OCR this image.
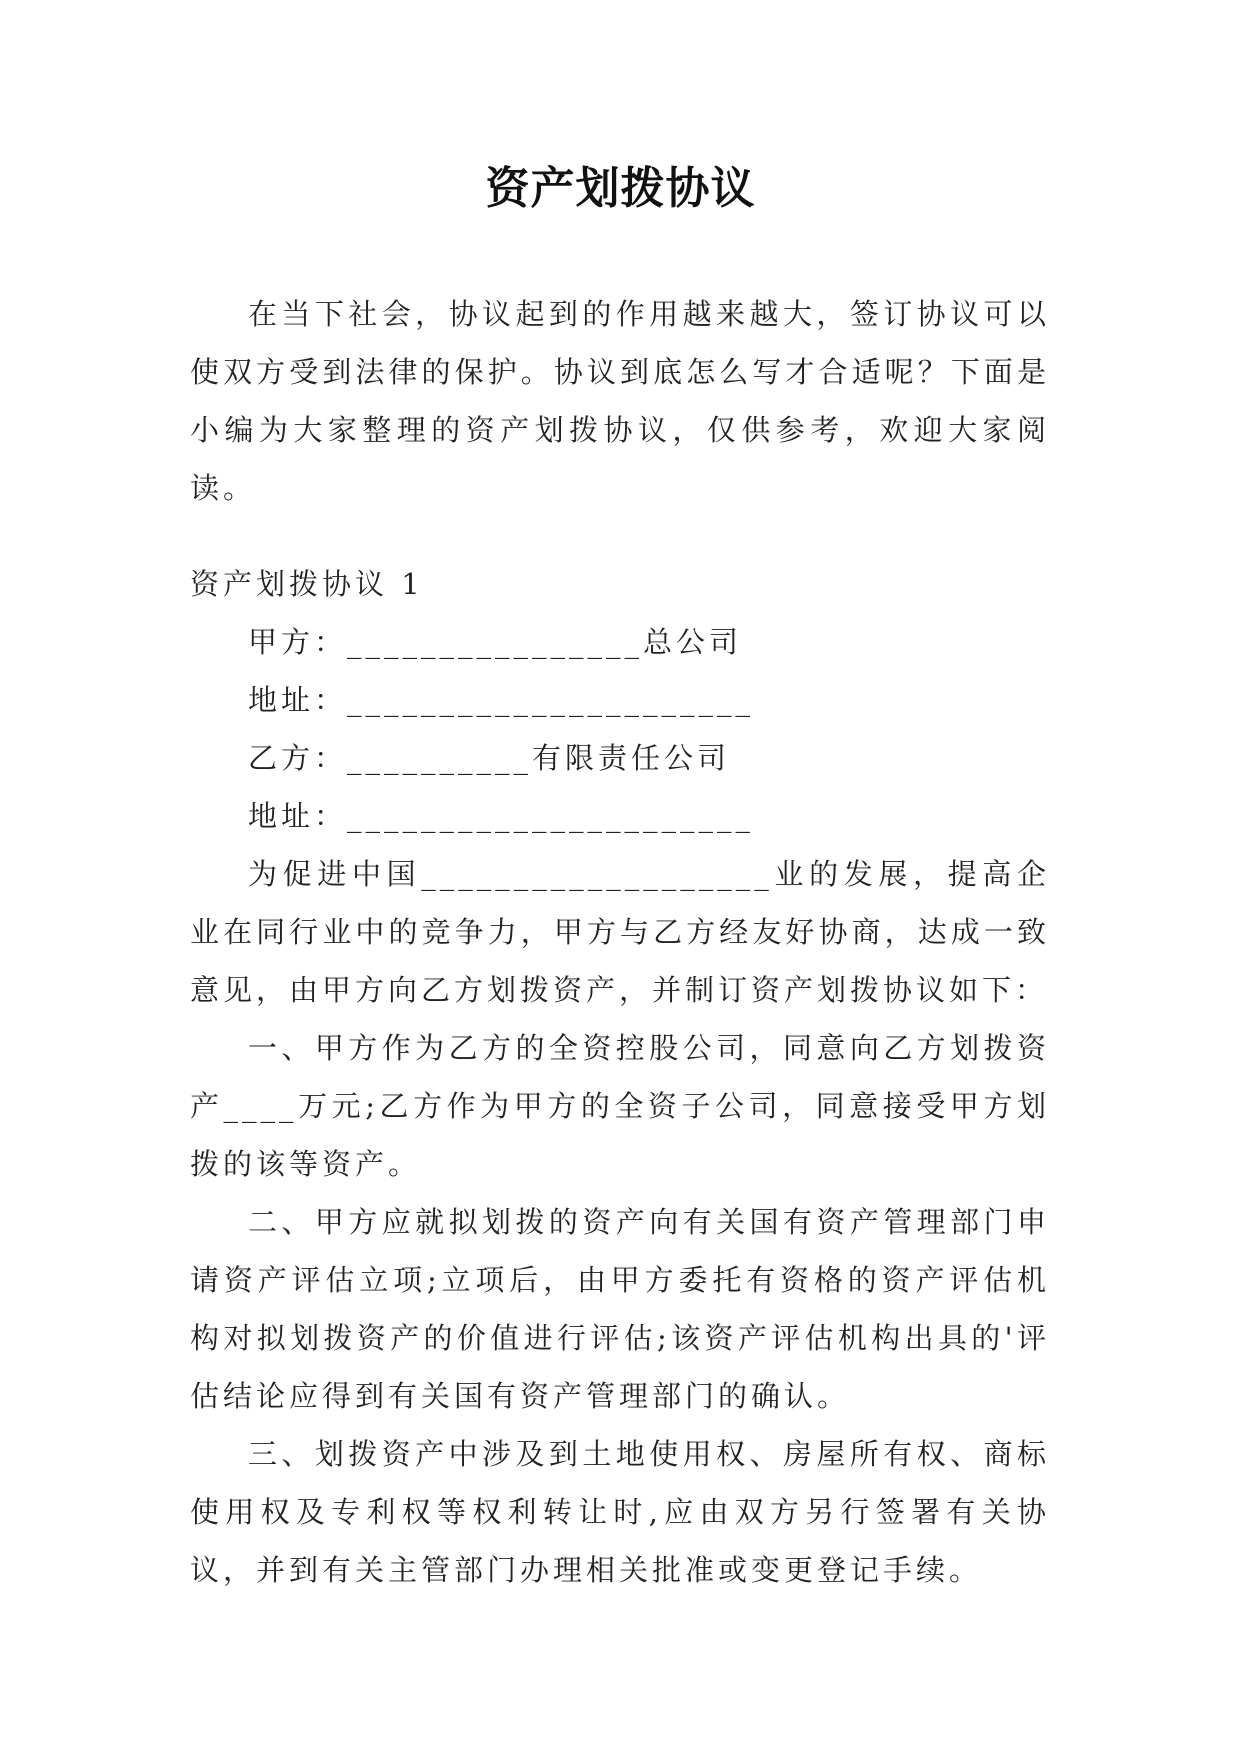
资产划拨协议

在当下社会，协议起到的作用越来越大，签订协议可以使双方受到法律的保护。协议到底怎么写才合适呢？下面是小编为大家整理的资产划拨协议，仅供参考，欢迎大家阅读。

资产划拨协议 1

甲方：________________总公司

地址：______________________

乙方：__________有限责任公司

地址：______________________

为促进中国___________________业的发展，提高企业在同行业中的竞争力，甲方与乙方经友好协商，达成一致意见，由甲方向乙方划拨资产，并制订资产划拨协议如下：

一、甲方作为乙方的全资控股公司，同意向乙方划拨资产____万元;乙方作为甲方的全资子公司，同意接受甲方划拨的该等资产。

二、甲方应就拟划拨的资产向有关国有资产管理部门申请资产评估立项;立项后，由甲方委托有资格的资产评估机构对拟划拨资产的价值进行评估;该资产评估机构出具的'评估结论应得到有关国有资产管理部门的确认。

三、划拨资产中涉及到土地使用权、房屋所有权、商标使用权及专利权等权利转让时,应由双方另行签署有关协议，并到有关主管部门办理相关批准或变更登记手续。
